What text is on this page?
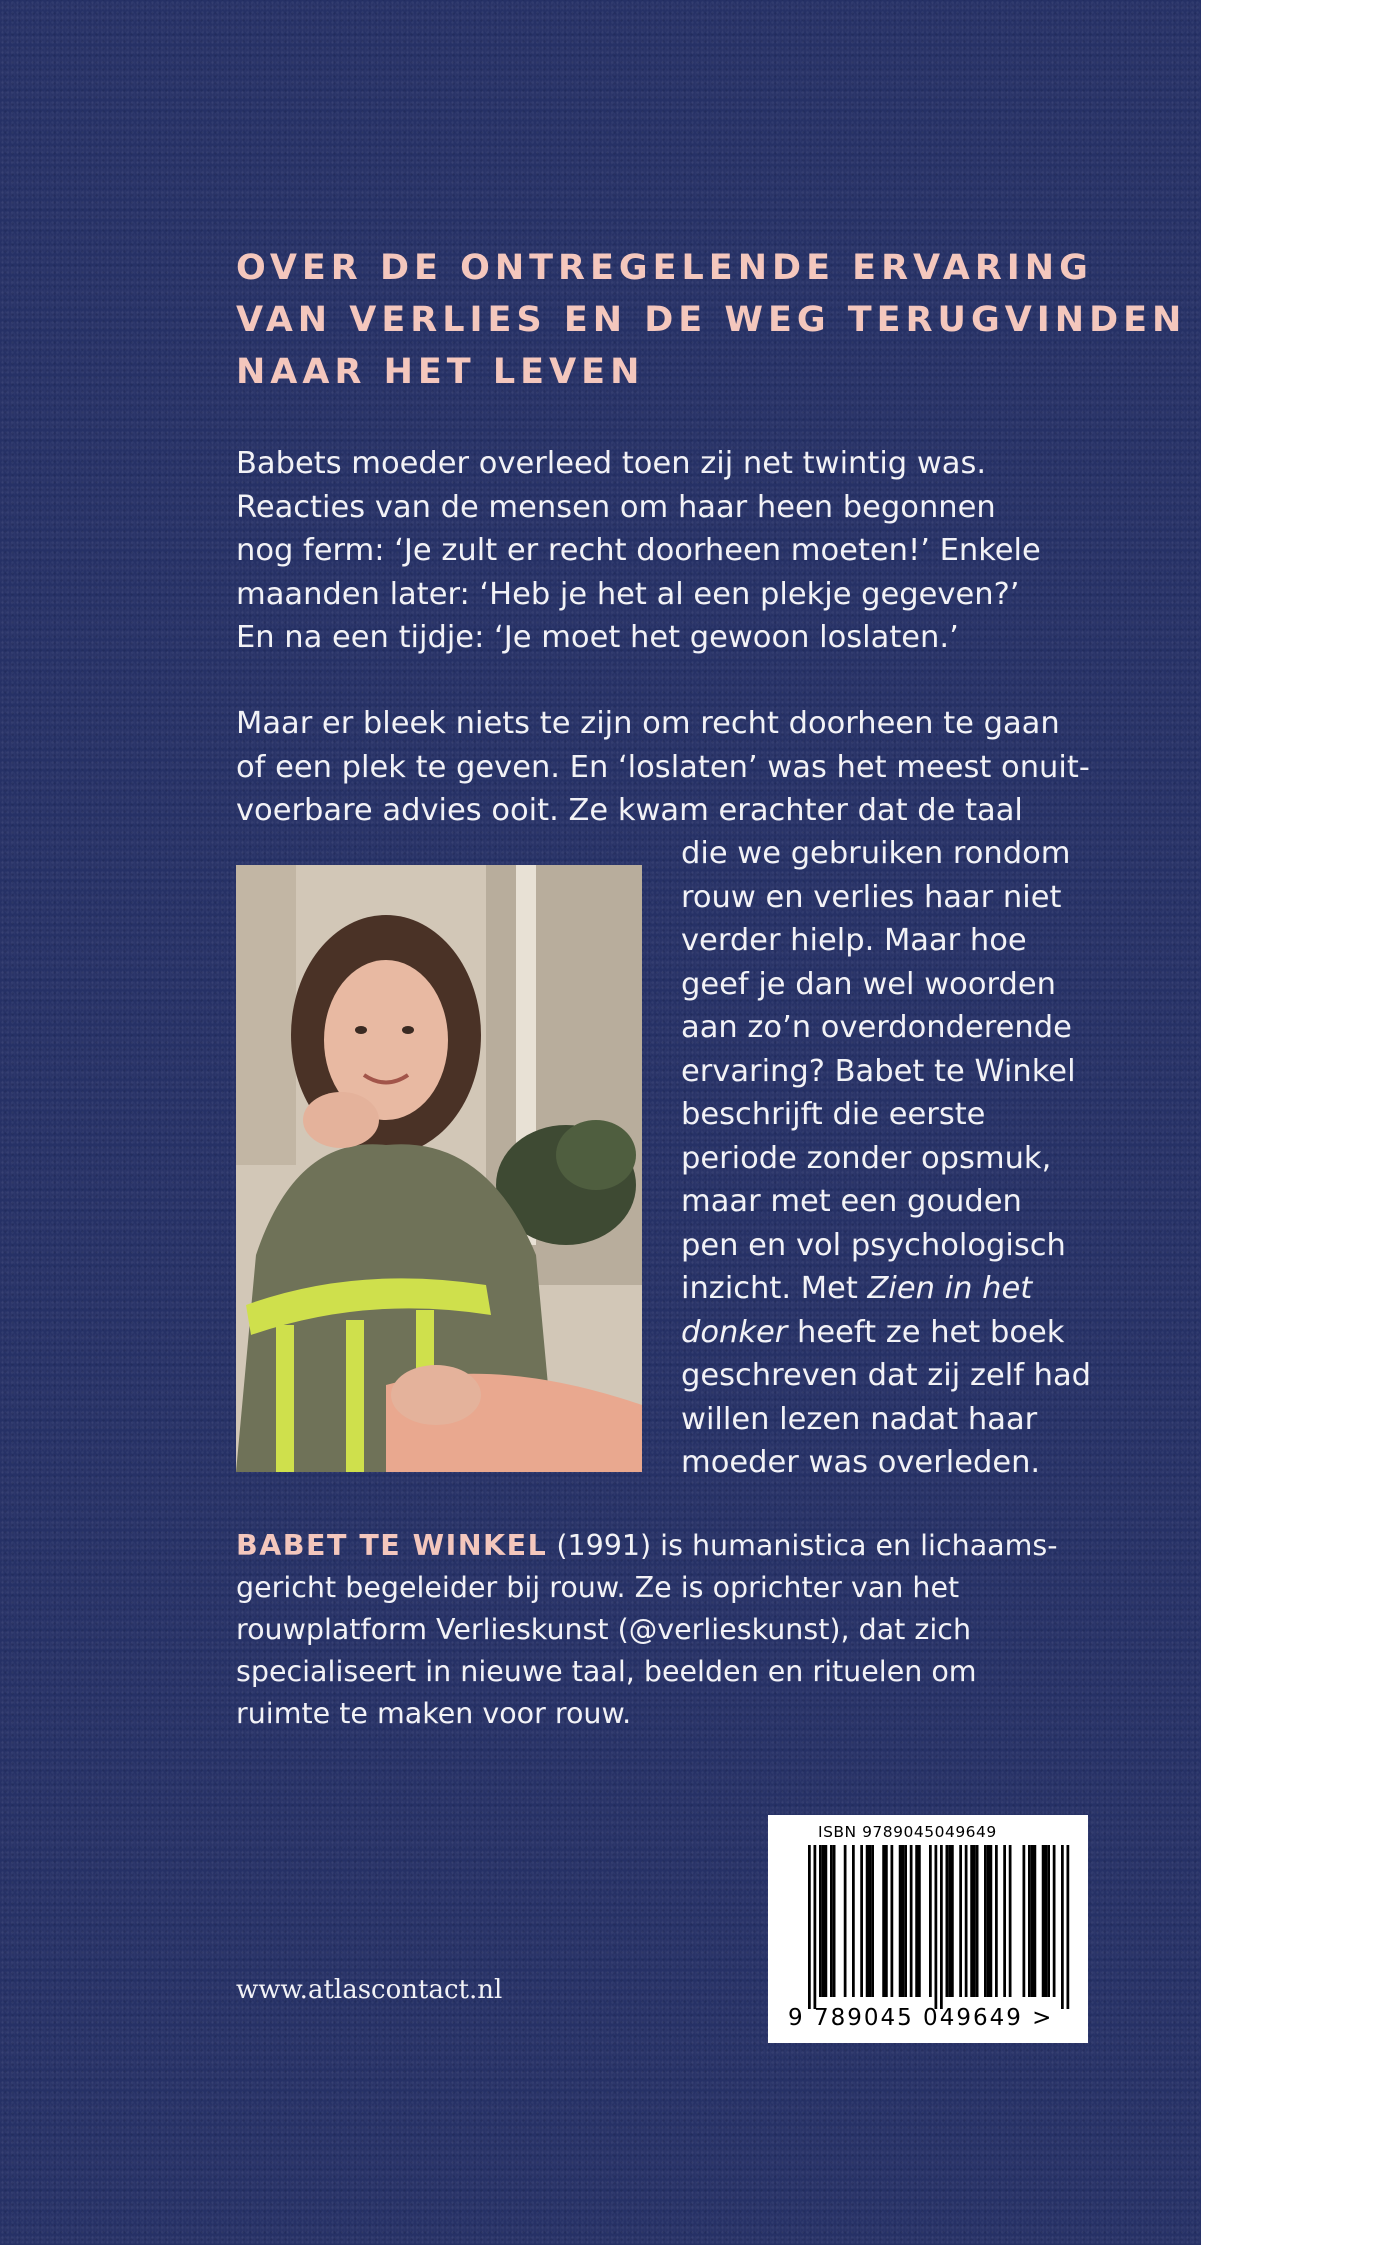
OVER DE ONTREGELENDE ERVARING
VAN VERLIES EN DE WEG TERUGVINDEN
NAAR HET LEVEN
Babets moeder overleed toen zij net twintig was.
Reacties van de mensen om haar heen begonnen
nog ferm: ‘Je zult er recht doorheen moeten!’ Enkele
maanden later: ‘Heb je het al een plekje gegeven?’
En na een tijdje: ‘Je moet het gewoon loslaten.’
Maar er bleek niets te zijn om recht doorheen te gaan
of een plek te geven. En ‘loslaten’ was het meest onuit-
voerbare advies ooit. Ze kwam erachter dat de taal
die we gebruiken rondom
rouw en verlies haar niet
verder hielp. Maar hoe
geef je dan wel woorden
aan zo’n overdonderende
ervaring? Babet te Winkel
beschrijft die eerste
periode zonder opsmuk,
maar met een gouden
pen en vol psychologisch
inzicht. Met Zien in het
donker heeft ze het boek
geschreven dat zij zelf had
willen lezen nadat haar
moeder was overleden.
BABET TE WINKEL (1991) is humanistica en lichaams-
gericht begeleider bij rouw. Ze is oprichter van het
rouwplatform Verlieskunst (@verlieskunst), dat zich
specialiseert in nieuwe taal, beelden en rituelen om
ruimte te maken voor rouw.
www.atlascontact.nl
ISBN 9789045049649
9 789045 049649 >
